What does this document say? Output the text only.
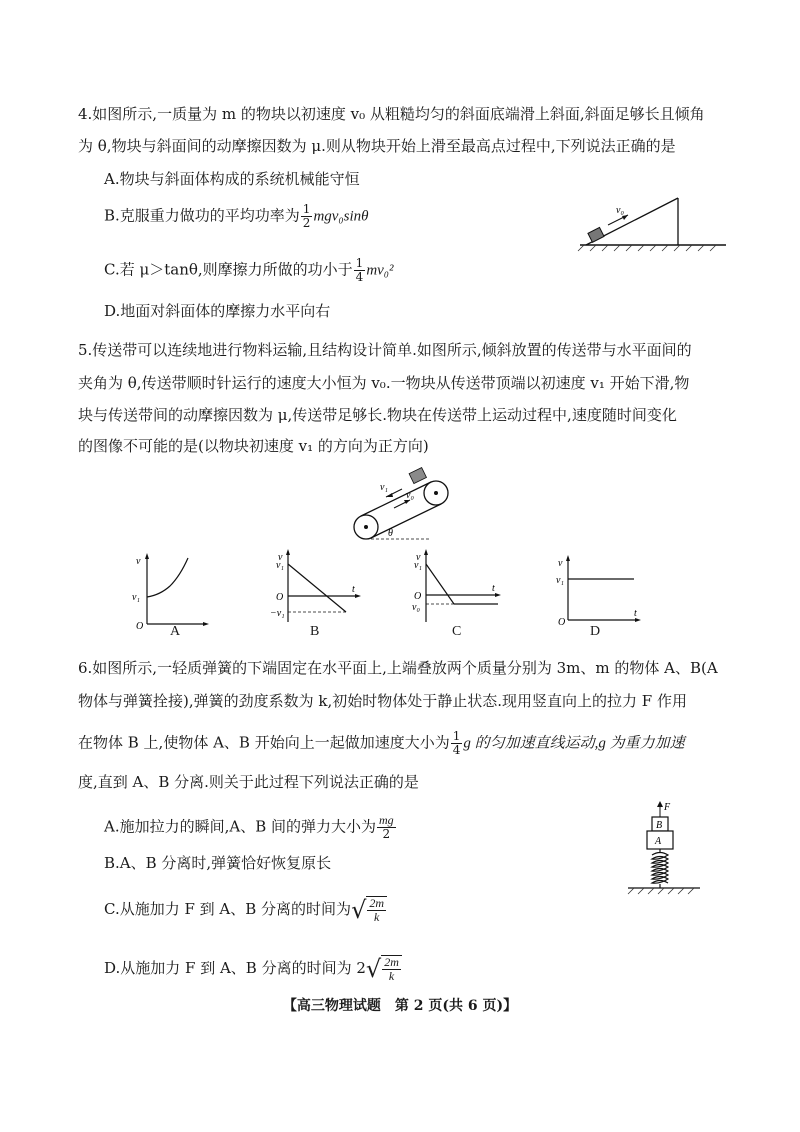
4.如图所示,一质量为 m 的物块以初速度 v₀ 从粗糙均匀的斜面底端滑上斜面,斜面足够长且倾角
为 θ,物块与斜面间的动摩擦因数为 μ.则从物块开始上滑至最高点过程中,下列说法正确的是
A.物块与斜面体构成的系统机械能守恒
B.克服重力做功的平均功率为 $\frac{1}{2} mgv_0\sin\theta$
C.若 μ＞tanθ,则摩擦力所做的功小于 $\frac{1}{4} mv_0^2$
D.地面对斜面体的摩擦力水平向右
v₀
5.传送带可以连续地进行物料运输,且结构设计简单.如图所示,倾斜放置的传送带与水平面间的
夹角为 θ,传送带顺时针运行的速度大小恒为 v₀.一物块从传送带顶端以初速度 v₁ 开始下滑,物
块与传送带间的动摩擦因数为 μ,传送带足够长.物块在传送带上运动过程中,速度随时间变化
的图像不可能的是(以物块初速度 v₁ 的方向为正方向)
v₁
v₀
θ
v
v₁
O A
v
v₁
O
−v₁
t
B
v
v₁
O
v₀
t
C
v
v₁
O
t
D
6.如图所示,一轻质弹簧的下端固定在水平面上,上端叠放两个质量分别为 3m、m 的物体 A、B(A
物体与弹簧拴接),弹簧的劲度系数为 k,初始时物体处于静止状态.现用竖直向上的拉力 F 作用
在物体 B 上,使物体 A、B 开始向上一起做加速度大小为 $\frac{1}{4}$ g 的匀加速直线运动,g 为重力加速
度,直到 A、B 分离.则关于此过程下列说法正确的是
A.施加拉力的瞬间,A、B 间的弹力大小为 $\frac{mg}{2}$
B.A、B 分离时,弹簧恰好恢复原长
C.从施加力 F 到 A、B 分离的时间为√ $\frac{2m}{k}$
D.从施加力 F 到 A、B 分离的时间为 $2√ \frac{2m}{k}$
F
B
A
【高三物理试题　第 2 页(共 6 页)】
